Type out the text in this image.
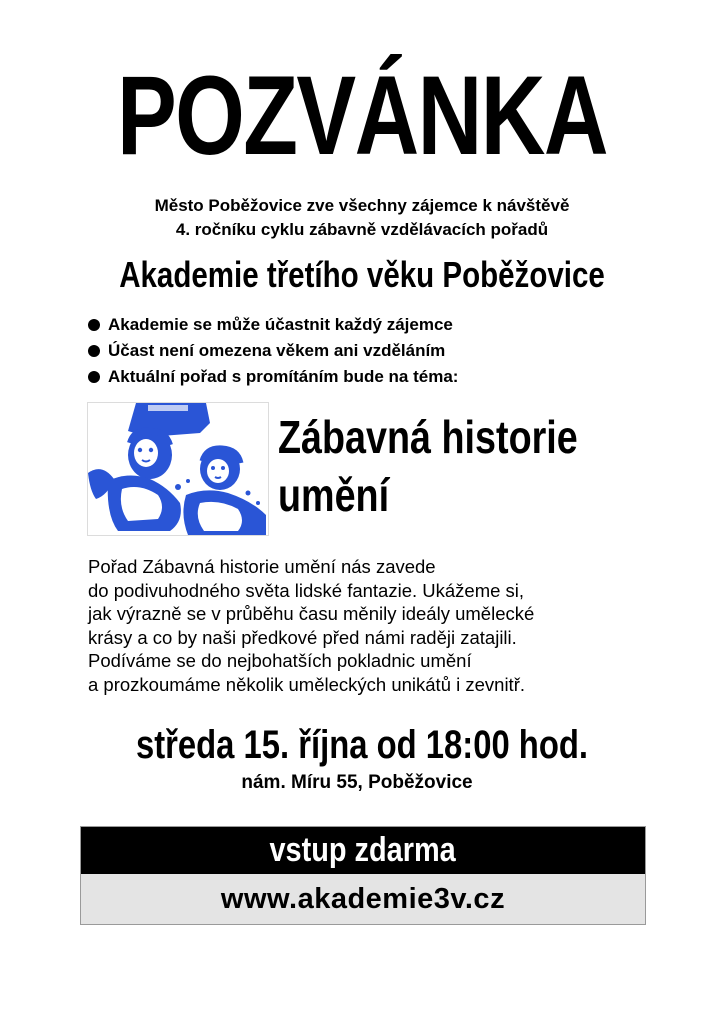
POZVÁNKA
Město Poběžovice zve všechny zájemce k návštěvě
4. ročníku cyklu zábavně vzdělávacích pořadů
Akademie třetího věku Poběžovice
Akademie se může účastnit každý zájemce
Účast není omezena věkem ani vzděláním
Aktuální pořad s promítáním bude na téma:
Zábavná historie
umění
Pořad Zábavná historie umění nás zavede
do podivuhodného světa lidské fantazie. Ukážeme si,
jak výrazně se v průběhu času měnily ideály umělecké
krásy a co by naši předkové před námi raději zatajili.
Podíváme se do nejbohatších pokladnic umění
a prozkoumáme několik uměleckých unikátů i zevnitř.
středa 15. října od 18:00 hod.
nám. Míru 55, Poběžovice
vstup zdarma
www.akademie3v.cz
